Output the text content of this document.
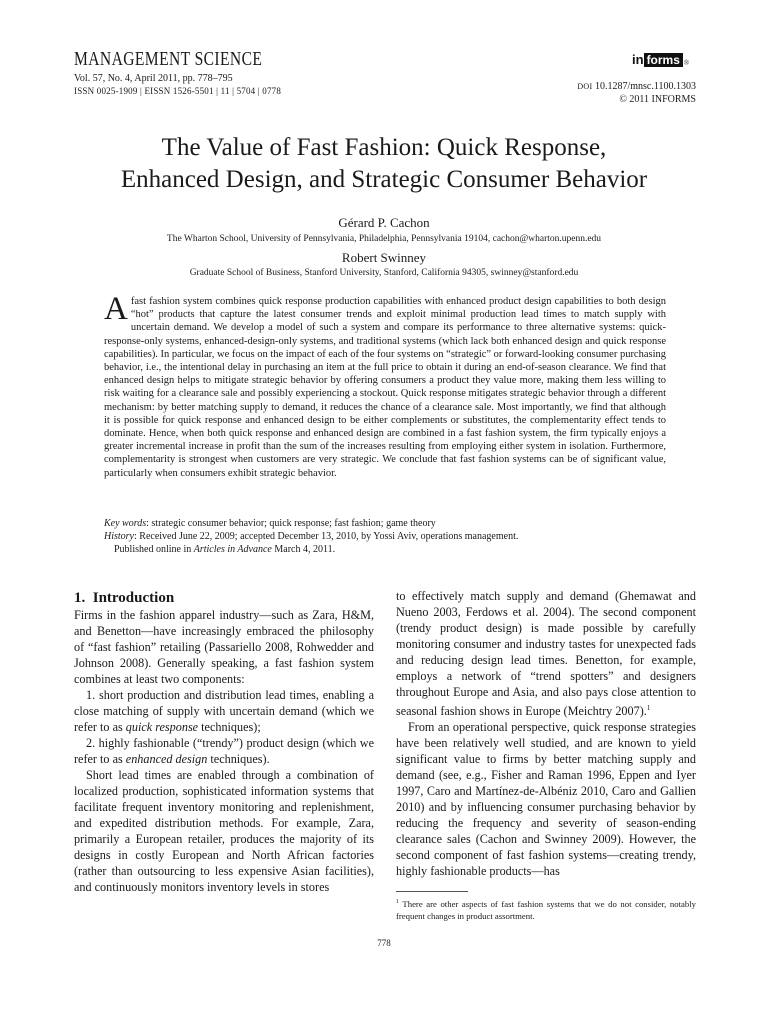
MANAGEMENT SCIENCE
Vol. 57, No. 4, April 2011, pp. 778–795
ISSN 0025-1909 | EISSN 1526-5501 | 11 | 5704 | 0778
in forms ®
DOI 10.1287/mnsc.1100.1303
© 2011 INFORMS
The Value of Fast Fashion: Quick Response,
Enhanced Design, and Strategic Consumer Behavior
Gérard P. Cachon
The Wharton School, University of Pennsylvania, Philadelphia, Pennsylvania 19104, cachon@wharton.upenn.edu
Robert Swinney
Graduate School of Business, Stanford University, Stanford, California 94305, swinney@stanford.edu
Afast fashion system combines quick response production capabilities with enhanced product design capabilities to both design “hot” products that capture the latest consumer trends and exploit minimal production lead times to match supply with uncertain demand. We develop a model of such a system and compare its performance to three alternative systems: quick-response-only systems, enhanced-design-only systems, and traditional systems (which lack both enhanced design and quick response capabilities). In particular, we focus on the impact of each of the four systems on “strategic” or forward-looking consumer purchasing behavior, i.e., the intentional delay in purchasing an item at the full price to obtain it during an end-of-season clearance. We find that enhanced design helps to mitigate strategic behavior by offering consumers a product they value more, making them less willing to risk waiting for a clearance sale and possibly experiencing a stockout. Quick response mitigates strategic behavior through a different mechanism: by better matching supply to demand, it reduces the chance of a clearance sale. Most importantly, we find that although it is possible for quick response and enhanced design to be either complements or substitutes, the complementarity effect tends to dominate. Hence, when both quick response and enhanced design are combined in a fast fashion system, the firm typically enjoys a greater incremental increase in profit than the sum of the increases resulting from employing either system in isolation. Furthermore, complementarity is strongest when customers are very strategic. We conclude that fast fashion systems can be of significant value, particularly when consumers exhibit strategic behavior.
Key words: strategic consumer behavior; quick response; fast fashion; game theory
History: Received June 22, 2009; accepted December 13, 2010, by Yossi Aviv, operations management.
Published online in Articles in Advance March 4, 2011.
1. Introduction

Firms in the fashion apparel industry—such as Zara, H&M, and Benetton—have increasingly embraced the philosophy of “fast fashion” retailing (Passariello 2008, Rohwedder and Johnson 2008). Generally speaking, a fast fashion system combines at least two components:

1. short production and distribution lead times, enabling a close matching of supply with uncertain demand (which we refer to as quick response techniques);

2. highly fashionable (“trendy”) product design (which we refer to as enhanced design techniques).

Short lead times are enabled through a combination of localized production, sophisticated information systems that facilitate frequent inventory monitoring and replenishment, and expedited distribution methods. For example, Zara, primarily a European retailer, produces the majority of its designs in costly European and North African factories (rather than outsourcing to less expensive Asian facilities), and continuously monitors inventory levels in stores

to effectively match supply and demand (Ghemawat and Nueno 2003, Ferdows et al. 2004). The second component (trendy product design) is made possible by carefully monitoring consumer and industry tastes for unexpected fads and reducing design lead times. Benetton, for example, employs a network of “trend spotters” and designers throughout Europe and Asia, and also pays close attention to seasonal fashion shows in Europe (Meichtry 2007).$^1$

From an operational perspective, quick response strategies have been relatively well studied, and are known to yield significant value to firms by better matching supply and demand (see, e.g., Fisher and Raman 1996, Eppen and Iyer 1997, Caro and Martínez-de-Albéniz 2010, Caro and Gallien 2010) and by influencing consumer purchasing behavior by reducing the frequency and severity of season-ending clearance sales (Cachon and Swinney 2009). However, the second component of fast fashion systems—creating trendy, highly fashionable products—has

$^1$ There are other aspects of fast fashion systems that we do not consider, notably frequent changes in product assortment.
778
